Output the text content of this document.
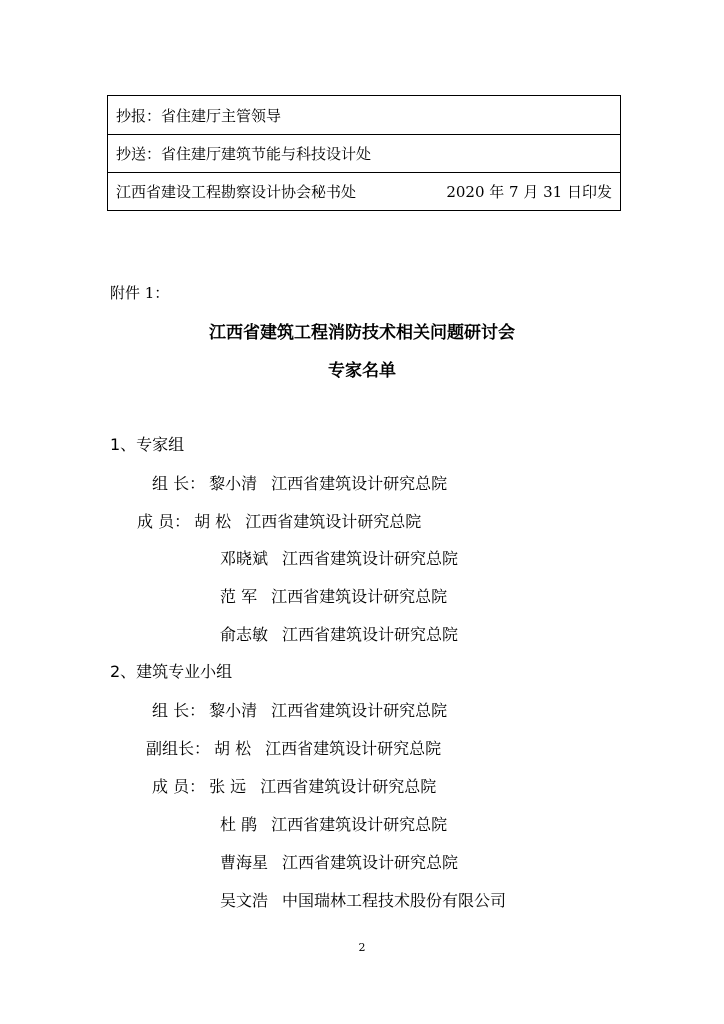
抄报：省住建厅主管领导
抄送：省住建厅建筑节能与科技设计处
江西省建设工程勘察设计协会秘书处	2020 年 7 月 31 日印发
附件 1：
江西省建筑工程消防技术相关问题研讨会
专家名单
1、专家组
组 长： 黎小清 江西省建筑设计研究总院
成 员： 胡 松 江西省建筑设计研究总院
邓晓斌 江西省建筑设计研究总院
范 军 江西省建筑设计研究总院
俞志敏 江西省建筑设计研究总院
2、建筑专业小组
组 长： 黎小清 江西省建筑设计研究总院
副组长： 胡 松 江西省建筑设计研究总院
成 员： 张 远 江西省建筑设计研究总院
杜 鹃 江西省建筑设计研究总院
曹海星 江西省建筑设计研究总院
吴文浩 中国瑞林工程技术股份有限公司
2
